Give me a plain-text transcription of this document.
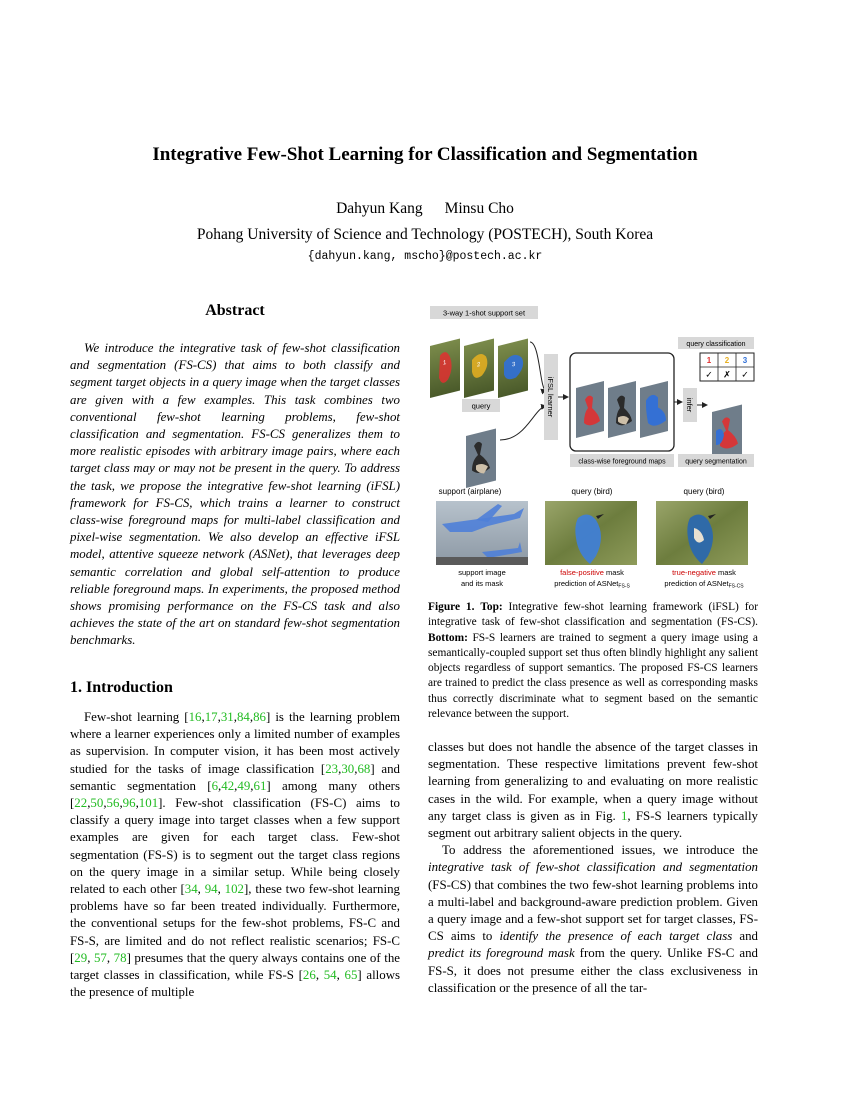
Integrative Few-Shot Learning for Classification and Segmentation
Dahyun Kang Minsu Cho
Pohang University of Science and Technology (POSTECH), South Korea
{dahyun.kang, mscho}@postech.ac.kr
Abstract
We introduce the integrative task of few-shot classification and segmentation (FS-CS) that aims to both classify and segment target objects in a query image when the target classes are given with a few examples. This task combines two conventional few-shot learning problems, few-shot classification and segmentation. FS-CS generalizes them to more realistic episodes with arbitrary image pairs, where each target class may or may not be present in the query. To address the task, we propose the integrative few-shot learning (iFSL) framework for FS-CS, which trains a learner to construct class-wise foreground maps for multi-label classification and pixel-wise segmentation. We also develop an effective iFSL model, attentive squeeze network (ASNet), that leverages deep semantic correlation and global self-attention to produce reliable foreground maps. In experiments, the proposed method shows promising performance on the FS-CS task and also achieves the state of the art on standard few-shot segmentation benchmarks.
1. Introduction

Few-shot learning [16,17,31,84,86] is the learning problem where a learner experiences only a limited number of examples as supervision. In computer vision, it has been most actively studied for the tasks of image classification [23,30,68] and semantic segmentation [6,42,49,61] among many others [22,50,56,96,101]. Few-shot classification (FS-C) aims to classify a query image into target classes when a few support examples are given for each target class. Few-shot segmentation (FS-S) is to segment out the target class regions on the query image in a similar setup. While being closely related to each other [34, 94, 102], these two few-shot learning problems have so far been treated individually. Furthermore, the conventional setups for the few-shot problems, FS-C and FS-S, are limited and do not reflect realistic scenarios; FS-C [29, 57, 78] presumes that the query always contains one of the target classes in classification, while FS-S [26, 54, 65] allows the presence of multiple

3-way 1-shot support set
1	2	3
query	iFSL learner
class-wise foreground maps
infer
query classification
1 2 3
✓ ✗ ✓
query segmentation
support (airplane)	query (bird)	query (bird)
support image
and its mask
false-positive mask
prediction of ASNet$_{FS-S}$
true-negative mask
prediction of ASNet$_{FS-CS}$
Figure 1. Top: Integrative few-shot learning framework (iFSL) for integrative task of few-shot classification and segmentation (FS-CS). Bottom: FS-S learners are trained to segment a query image using a semantically-coupled support set thus often blindly highlight any salient objects regardless of support semantics. The proposed FS-CS learners are trained to predict the class presence as well as corresponding masks thus correctly discriminate what to segment based on the semantic relevance between the support.

classes but does not handle the absence of the target classes in segmentation. These respective limitations prevent few-shot learning from generalizing to and evaluating on more realistic cases in the wild. For example, when a query image without any target class is given as in Fig. 1, FS-S learners typically segment out arbitrary salient objects in the query.

To address the aforementioned issues, we introduce the integrative task of few-shot classification and segmentation (FS-CS) that combines the two few-shot learning problems into a multi-label and background-aware prediction problem. Given a query image and a few-shot support set for target classes, FS-CS aims to identify the presence of each target class and predict its foreground mask from the query. Unlike FS-C and FS-S, it does not presume either the class exclusiveness in classification or the presence of all the tar-
